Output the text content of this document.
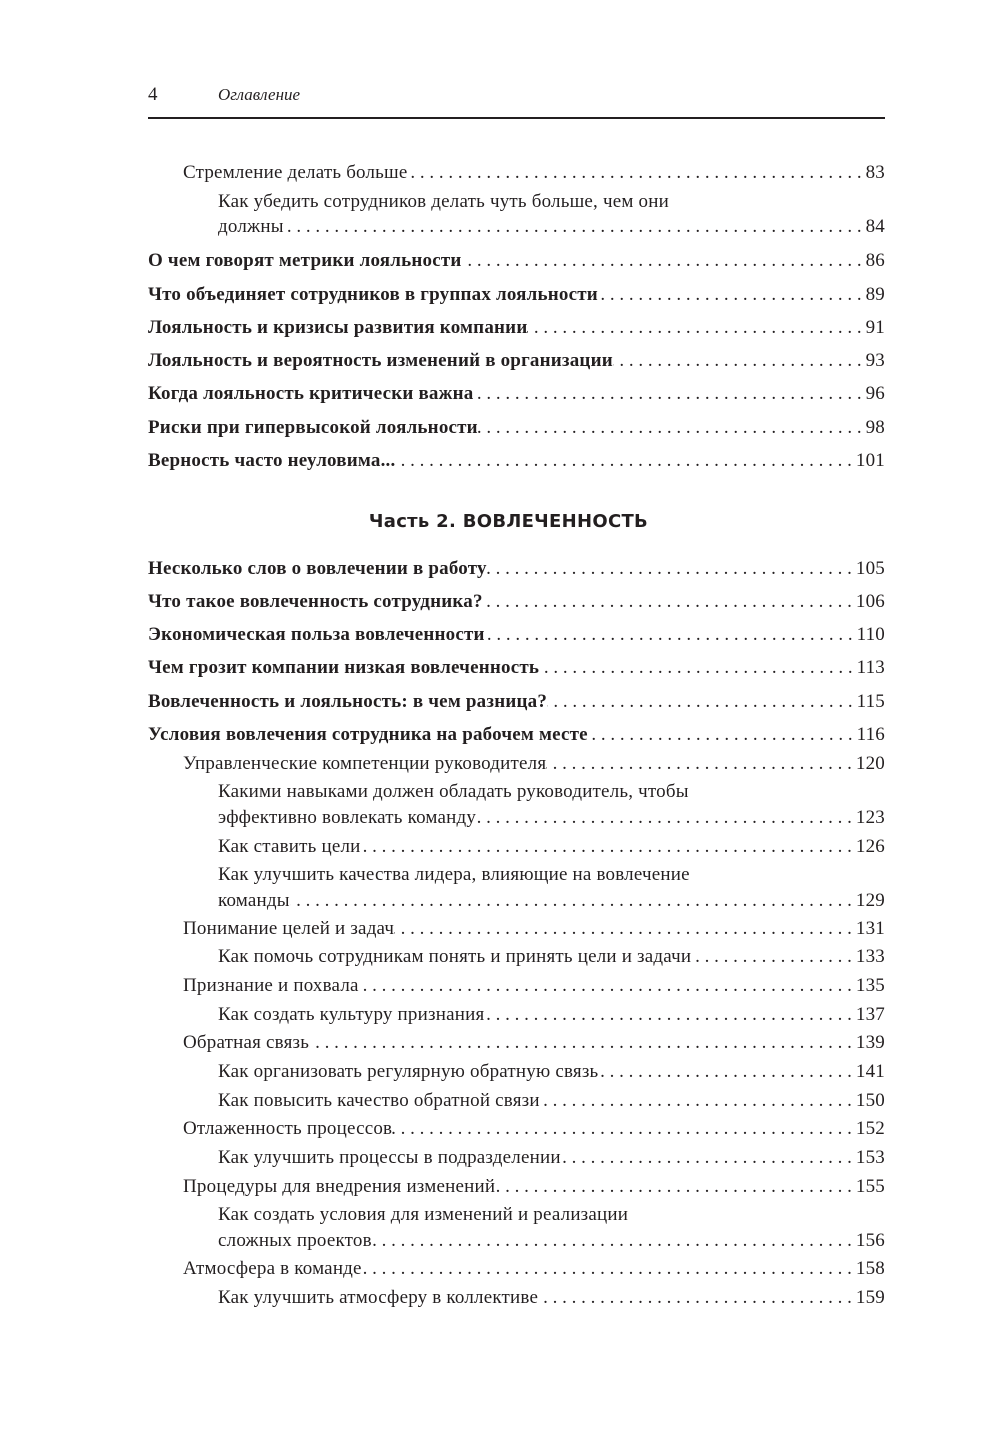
4	Оглавление
Часть 2. ВОВЛЕЧЕННОСТЬ
Стремление делать больше . . .	83
Как убедить сотрудников делать чуть больше, чем они
должны . . .	84
О чем говорят метрики лояльности . . .	86
Что объединяет сотрудников в группах лояльности . . .	89
Лояльность и кризисы развития компании . . .	91
Лояльность и вероятность изменений в организации . . .	93
Когда лояльность критически важна . . .	96
Риски при гипервысокой лояльности . . .	98
Верность часто неуловима... . . .	101
Несколько слов о вовлечении в работу . . .	105
Что такое вовлеченность сотрудника? . . .	106
Экономическая польза вовлеченности . . .	110
Чем грозит компании низкая вовлеченность . . .	113
Вовлеченность и лояльность: в чем разница? . . .	115
Условия вовлечения сотрудника на рабочем месте . . .	116
Управленческие компетенции руководителя . . .	120
Какими навыками должен обладать руководитель, чтобы
эффективно вовлекать команду . . .	123
Как ставить цели . . .	126
Как улучшить качества лидера, влияющие на вовлечение
команды . . .	129
Понимание целей и задач . . .	131
Как помочь сотрудникам понять и принять цели и задачи . . .	133
Признание и похвала . . .	135
Как создать культуру признания . . .	137
Обратная связь . . .	139
Как организовать регулярную обратную связь . . .	141
Как повысить качество обратной связи . . .	150
Отлаженность процессов . . .	152
Как улучшить процессы в подразделении . . .	153
Процедуры для внедрения изменений . . .	155
Как создать условия для изменений и реализации
сложных проектов . . .	156
Атмосфера в команде . . .	158
Как улучшить атмосферу в коллективе . . .	159
